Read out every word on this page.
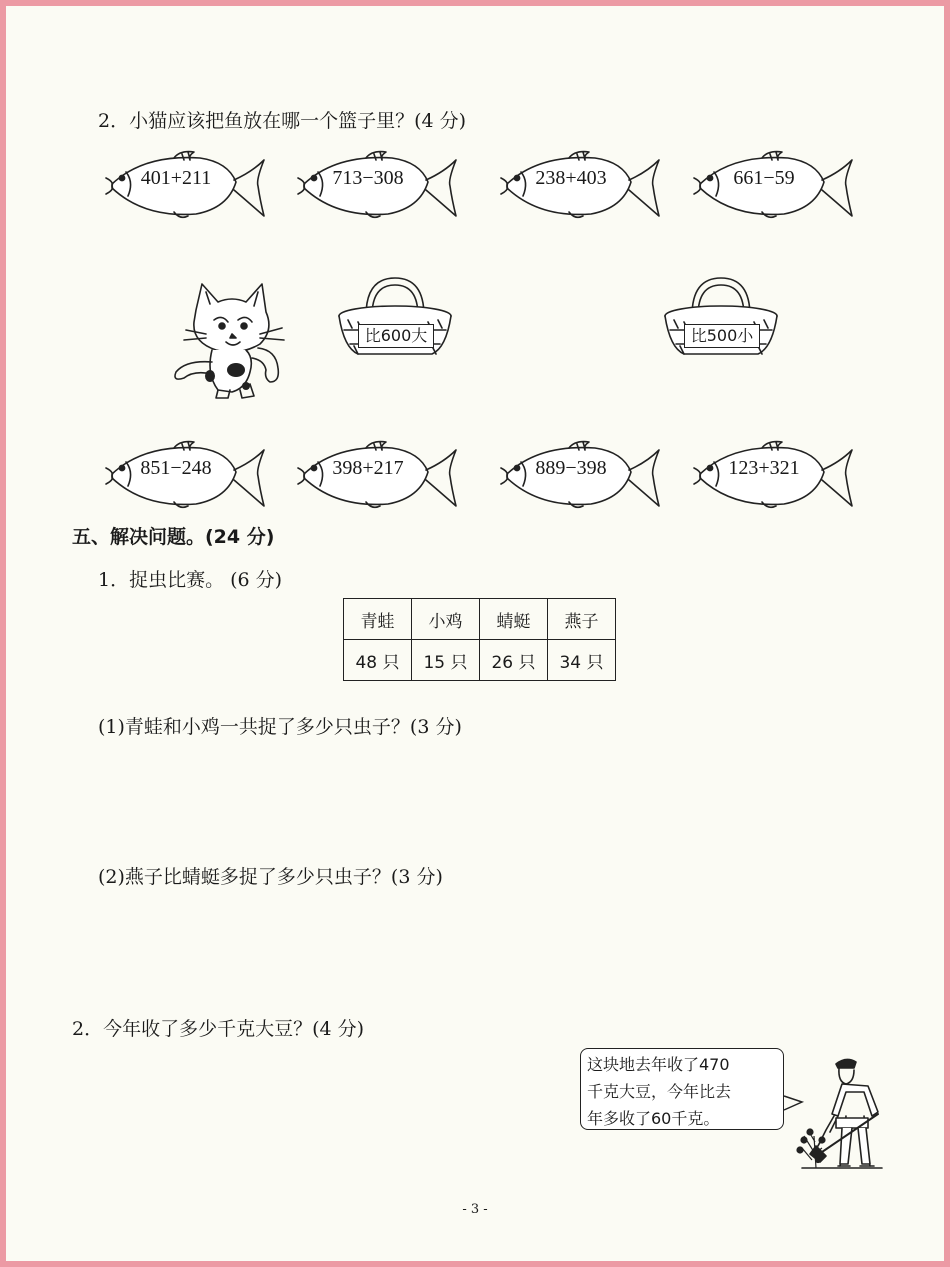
2．小猫应该把鱼放在哪一个篮子里？(4 分)
401+211	713−308	238+403	661−59
比600大	比500小
851−248	398+217	889−398	123+321
五、解决问题。(24 分)
1．捉虫比赛。 (6 分)
青蛙	小鸡	蜻蜓	燕子
48 只	15 只	26 只	34 只
(1)青蛙和小鸡一共捉了多少只虫子？(3 分)
(2)燕子比蜻蜓多捉了多少只虫子？(3 分)
2．今年收了多少千克大豆？(4 分)
这块地去年收了470
千克大豆，今年比去
年多收了60千克。
- 3 -
